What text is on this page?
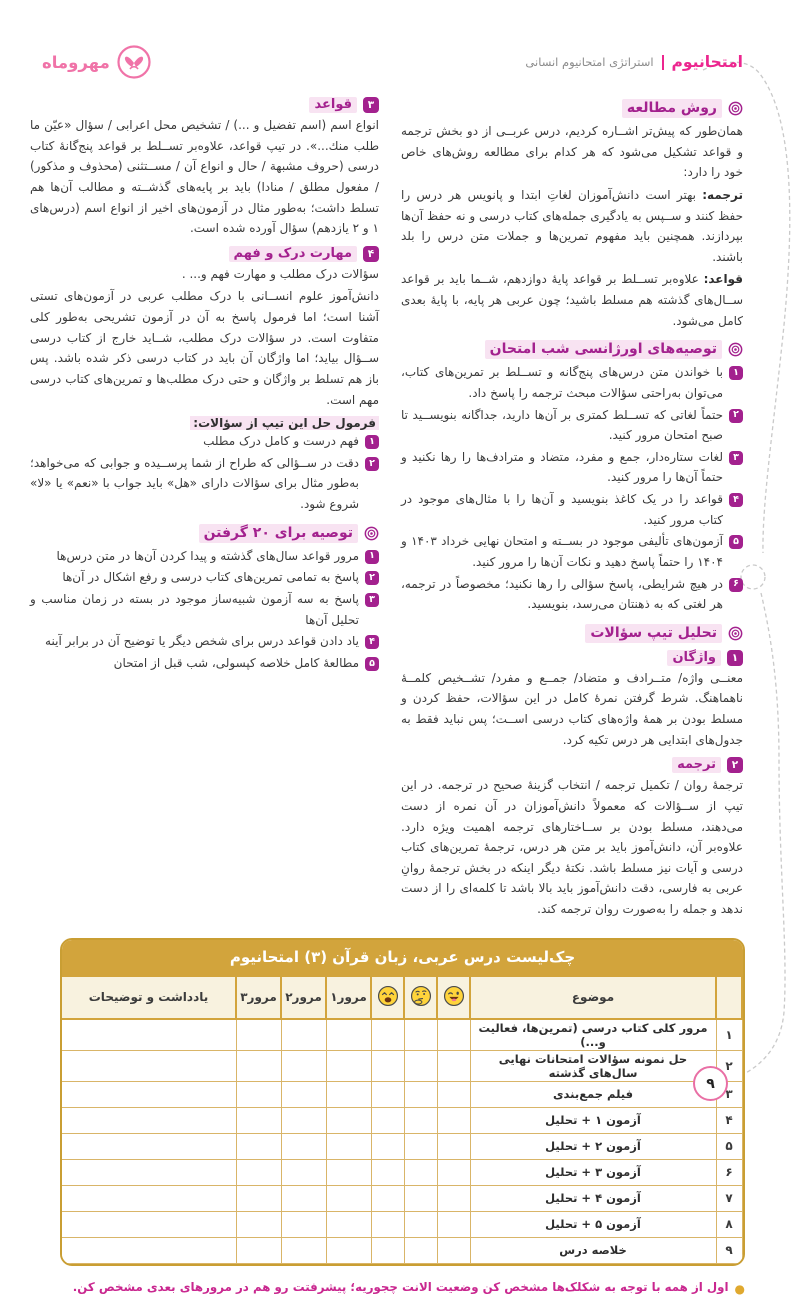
امتحانیوم
استراتژی امتحانیوم انسانی
مهروماه
روش مطالعه

همان‌طور که پیش‌تر اشــاره کردیم، درس عربــی از دو بخش ترجمه و قواعد تشکیل می‌شود که هر کدام برای مطالعه روش‌های خاص خود را دارد:

ترجمه: بهتر است دانش‌آموزان لغاتِ ابتدا و پانویس هر درس را حفظ کنند و ســپس به یادگیری جمله‌های کتاب درسی و نه حفظ آن‌ها بپردازند. همچنین باید مفهوم تمرین‌ها و جملات متن درس را بلد باشند.

قواعد: علاوه‌بر تســلط بر قواعد پایهٔ دوازدهم، شــما باید بر قواعد ســال‌های گذشته هم مسلط باشید؛ چون عربی هر پایه، با پایهٔ بعدی کامل می‌شود.

توصیه‌های اورژانسی شب امتحان
۱
با خواندن متن درس‌های پنج‌گانه و تســلط بر تمرین‌های کتاب، می‌توان به‌راحتی سؤالات مبحث ترجمه را پاسخ داد.
۲
حتماً لغاتی که تســلط کمتری بر آن‌ها دارید، جداگانه بنویســید تا صبح امتحان مرور کنید.
۳
لغات ستاره‌دار، جمع و مفرد، متضاد و مترادف‌ها را رها نکنید و حتماً آن‌ها را مرور کنید.
۴
قواعد را در یک کاغذ بنویسید و آن‌ها را با مثال‌های موجود در کتاب مرور کنید.
۵
آزمون‌های تألیفی موجود در بســته و امتحان نهایی خرداد ۱۴۰۳ و ۱۴۰۴ را حتماً پاسخ دهید و نکات آن‌ها را مرور کنید.
۶
در هیچ شرایطی، پاسخ سؤالی را رها نکنید؛ مخصوصاً در ترجمه، هر لغتی که به ذهنتان می‌رسد، بنویسید.
تحلیل تیپ سؤالات
۱
واژگان

معنــی واژه/ متــرادف و متضاد/ جمــع و مفرد/ تشــخیص کلمــهٔ ناهماهنگ. شرط گرفتن نمرهٔ کامل در این سؤالات، حفظ کردن و مسلط بودن بر همهٔ واژه‌های کتاب درسی اســت؛ پس نباید فقط به جدول‌های ابتدایی هر درس تکیه کرد.

۲
ترجمه

ترجمهٔ روان / تکمیل ترجمه / انتخاب گزینهٔ صحیح در ترجمه. در این تیپ از ســؤالات که معمولاً دانش‌آموزان در آن نمره از دست می‌دهند، مسلط بودن بر ســاختارهای ترجمه اهمیت ویژه دارد. علاوه‌بر آن، دانش‌آموز باید بر متن هر درس، ترجمهٔ تمرین‌های کتاب درسی و آیات نیز مسلط باشد. نکتهٔ دیگر اینکه در بخش ترجمهٔ روانِ عربی به فارسی، دقت دانش‌آموز باید بالا باشد تا کلمه‌ای را از دست ندهد و جمله را به‌صورت روان ترجمه کند.

۳
قواعد

انواع اسم (اسم تفضیل و ...) / تشخیص محل اعرابی / سؤال «عیّن ما طلب منك...». در تیپ قواعد، علاوه‌بر تســلط بر قواعد پنج‌گانهٔ کتاب درسی (حروف مشبهة / حال و انواع آن / مســتثنی (محذوف و مذکور) / مفعول مطلق / منادا) باید بر پایه‌های گذشــته و مطالب آن‌ها هم تسلط داشت؛ به‌طور مثال در آزمون‌های اخیر از انواع اسم (درس‌های ۱ و ۲ یازدهم) سؤال آورده شده است.

۴
مهارت درک و فهم

سؤالات درک مطلب و مهارت فهم و... .

دانش‌آموز علوم انســانی با درک مطلب عربی در آزمون‌های تستی آشنا است؛ اما فرمول پاسخ به آن در آزمون تشریحی به‌طور کلی متفاوت است. در سؤالات درک مطلب، شــاید خارج از کتاب درسی ســؤال بیاید؛ اما واژگان آن باید در کتاب درسی ذکر شده باشد. پس باز هم تسلط بر واژگان و حتی درک مطلب‌ها و تمرین‌های کتاب درسی مهم است.

فرمول حل این تیپ از سؤالات:
۱
فهم درست و کامل درک مطلب
۲
دقت در ســؤالی که طراح از شما پرســیده و جوابی که می‌خواهد؛ به‌طور مثال برای سؤالات دارای «هل» باید جواب با «نعم» یا «لا» شروع شود.
توصیه برای ۲۰ گرفتن
۱
مرور قواعد سال‌های گذشته و پیدا کردن آن‌ها در متن درس‌ها
۲
پاسخ به تمامی تمرین‌های کتاب درسی و رفع اشکال در آن‌ها
۳
پاسخ به سه آزمون شبیه‌ساز موجود در بسته در زمان مناسب و تحلیل آن‌ها
۴
یاد دادن قواعد درس برای شخص دیگر یا توضیح آن در برابر آینه
۵
مطالعهٔ کامل خلاصه کپسولی، شب قبل از امتحان
چک‌لیست درس عربی، زبان قرآن (۳) امتحانیوم
	موضوع				مرور۱	مرور۲	مرور۳	یادداشت و توضیحات
۱	مرور کلی کتاب درسی (تمرین‌ها، فعالیت و...)							
۲	حل نمونه سؤالات امتحانات نهایی سال‌های گذشته							
۳	فیلم جمع‌بندی							
۴	آزمون ۱ + تحلیل							
۵	آزمون ۲ + تحلیل							
۶	آزمون ۳ + تحلیل							
۷	آزمون ۴ + تحلیل							
۸	آزمون ۵ + تحلیل							
۹	خلاصه درس							
●
اول از همه با توجه به شکلک‌ها مشخص کن وضعیت الانت چجوریه؛ پیشرفتت رو هم در مرورهای بعدی مشخص کن.
۹
